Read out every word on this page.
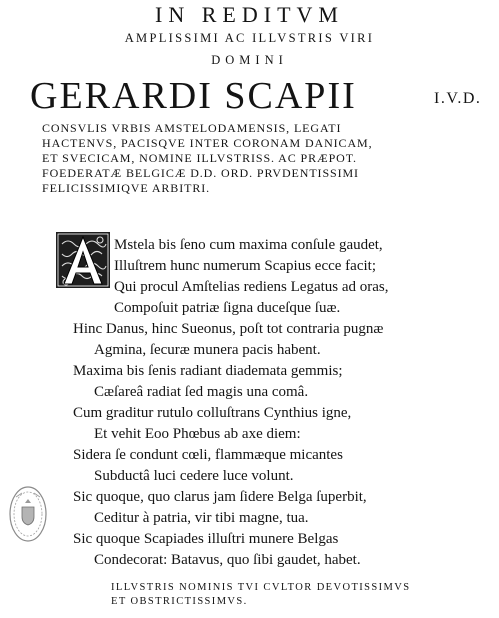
IN REDITVM
AMPLISSIMI AC ILLVSTRIS VIRI
DOMINI
GERARDI SCAPII	I.V.D.
CONSVLIS VRBIS AMSTELODAMENSIS, LEGATI
HACTENVS, PACISQVE INTER CORONAM DANICAM,
ET SVECICAM, NOMINE ILLVSTRISS. AC PRÆPOT.
FOEDERATÆ BELGICÆ D.D. ORD. PRVDENTISSIMI
FELICISSIMIQVE ARBITRI.
Mstela bis ſeno cum maxima conſule gaudet,
Illuſtrem hunc numerum Scapius ecce facit;
Qui procul Amſtelias rediens Legatus ad oras,
Compoſuit patriæ ſigna duceſque ſuæ.
Hinc Danus, hinc Sueonus, poſt tot contraria pugnæ
Agmina, ſecuræ munera pacis habent.
Maxima bis ſenis radiant diademata gemmis;
Cæſareâ radiat ſed magis una comâ.
Cum graditur rutulo colluſtrans Cynthius igne,
Et vehit Eoo Phœbus ab axe diem:
Sidera ſe condunt cœli, flammæque micantes
Subductâ luci cedere luce volunt.
Sic quoque, quo clarus jam ſidere Belga ſuperbit,
Ceditur à patria, vir tibi magne, tua.
Sic quoque Scapiades illuſtri munere Belgas
Condecorat: Batavus, quo ſibi gaudet, habet.
ILLVSTRIS NOMINIS TVI CVLTOR DEVOTISSIMVS
ET OBSTRICTISSIMVS.
